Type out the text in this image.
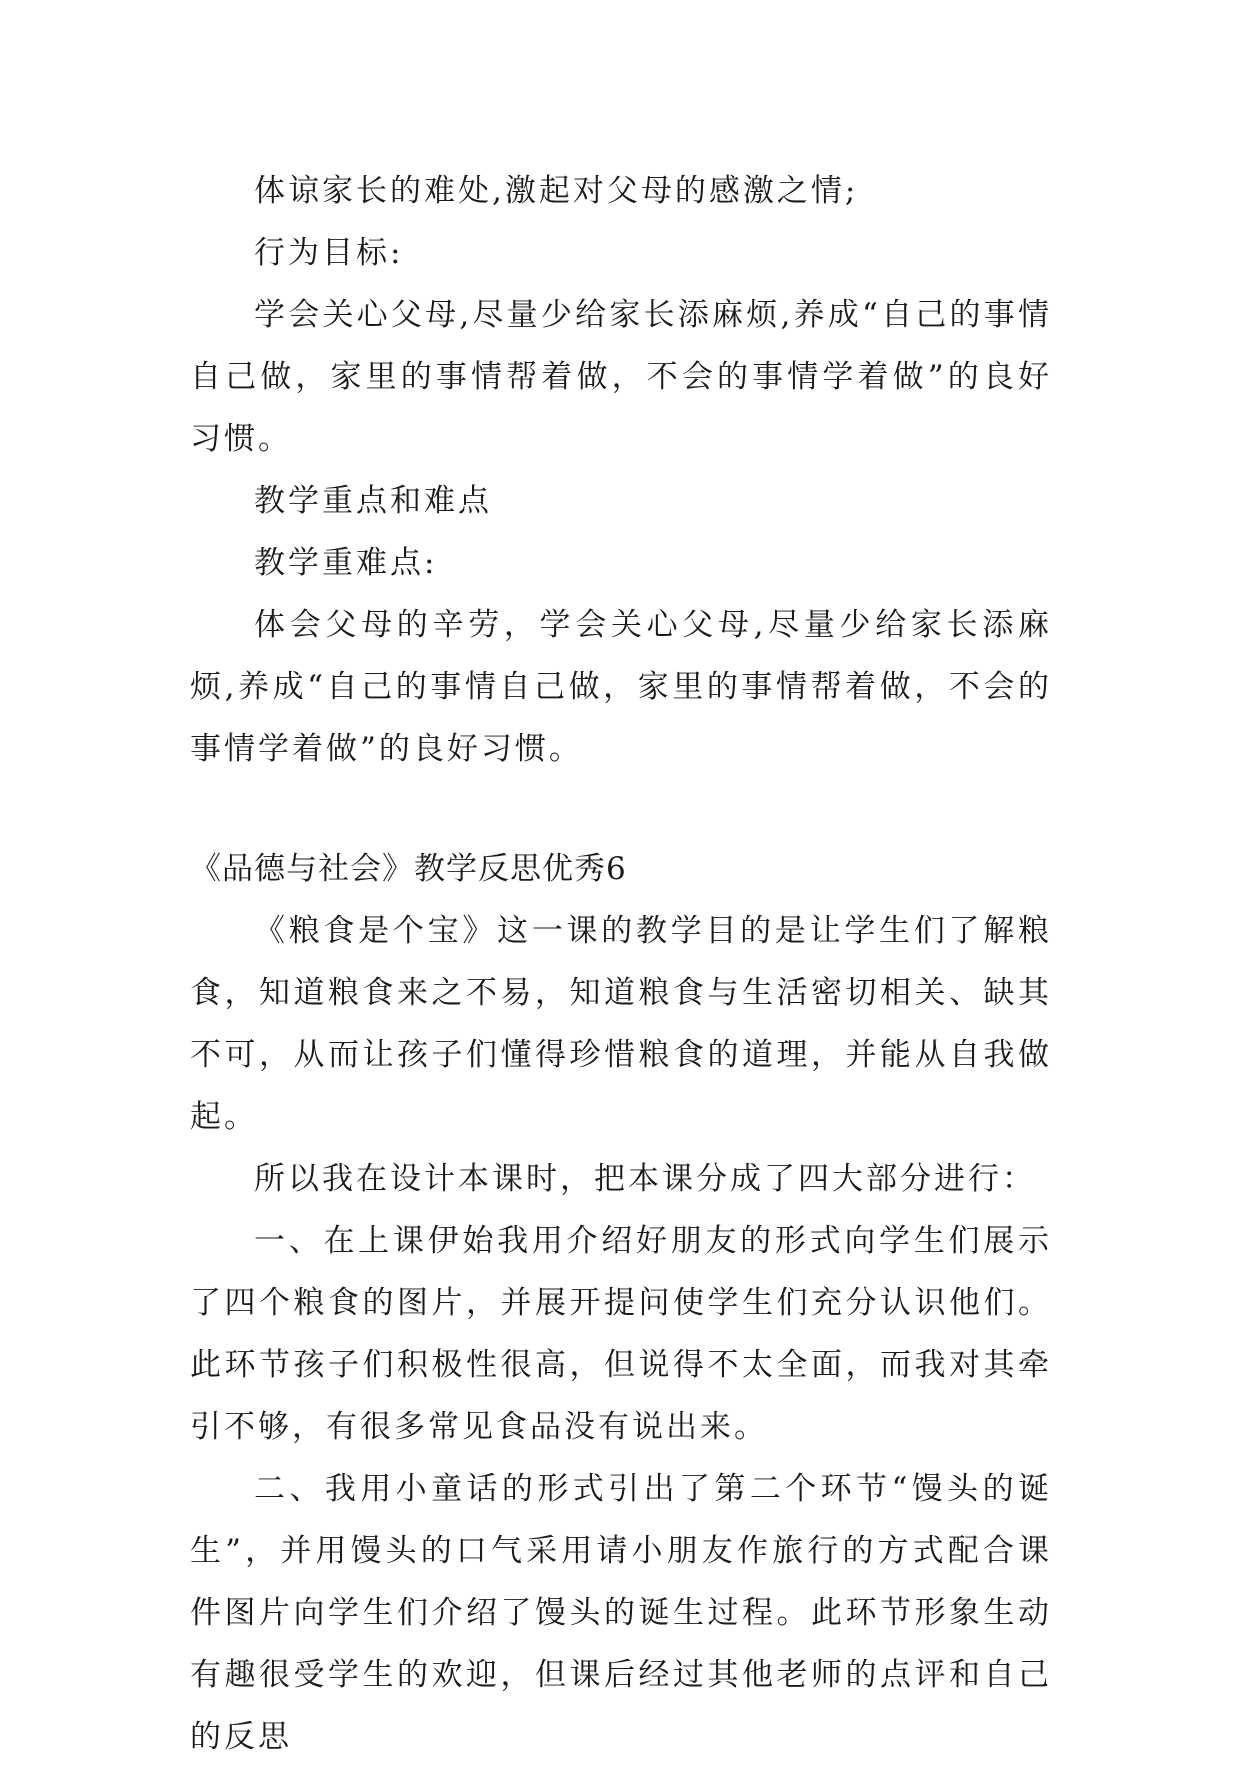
体谅家长的难处,激起对父母的感激之情;

行为目标:

学会关心父母,尽量少给家长添麻烦,养成“自己的事情自己做，家里的事情帮着做，不会的事情学着做”的良好习惯。

教学重点和难点

教学重难点:

体会父母的辛劳，学会关心父母,尽量少给家长添麻烦,养成“自己的事情自己做，家里的事情帮着做，不会的事情学着做”的良好习惯。

《品德与社会》教学反思优秀6

《粮食是个宝》这一课的教学目的是让学生们了解粮食，知道粮食来之不易，知道粮食与生活密切相关、缺其不可，从而让孩子们懂得珍惜粮食的道理，并能从自我做起。

所以我在设计本课时，把本课分成了四大部分进行：

一、在上课伊始我用介绍好朋友的形式向学生们展示了四个粮食的图片，并展开提问使学生们充分认识他们。此环节孩子们积极性很高，但说得不太全面，而我对其牵引不够，有很多常见食品没有说出来。

二、我用小童话的形式引出了第二个环节“馒头的诞生”，并用馒头的口气采用请小朋友作旅行的方式配合课件图片向学生们介绍了馒头的诞生过程。此环节形象生动有趣很受学生的欢迎，但课后经过其他老师的点评和自己的反思
